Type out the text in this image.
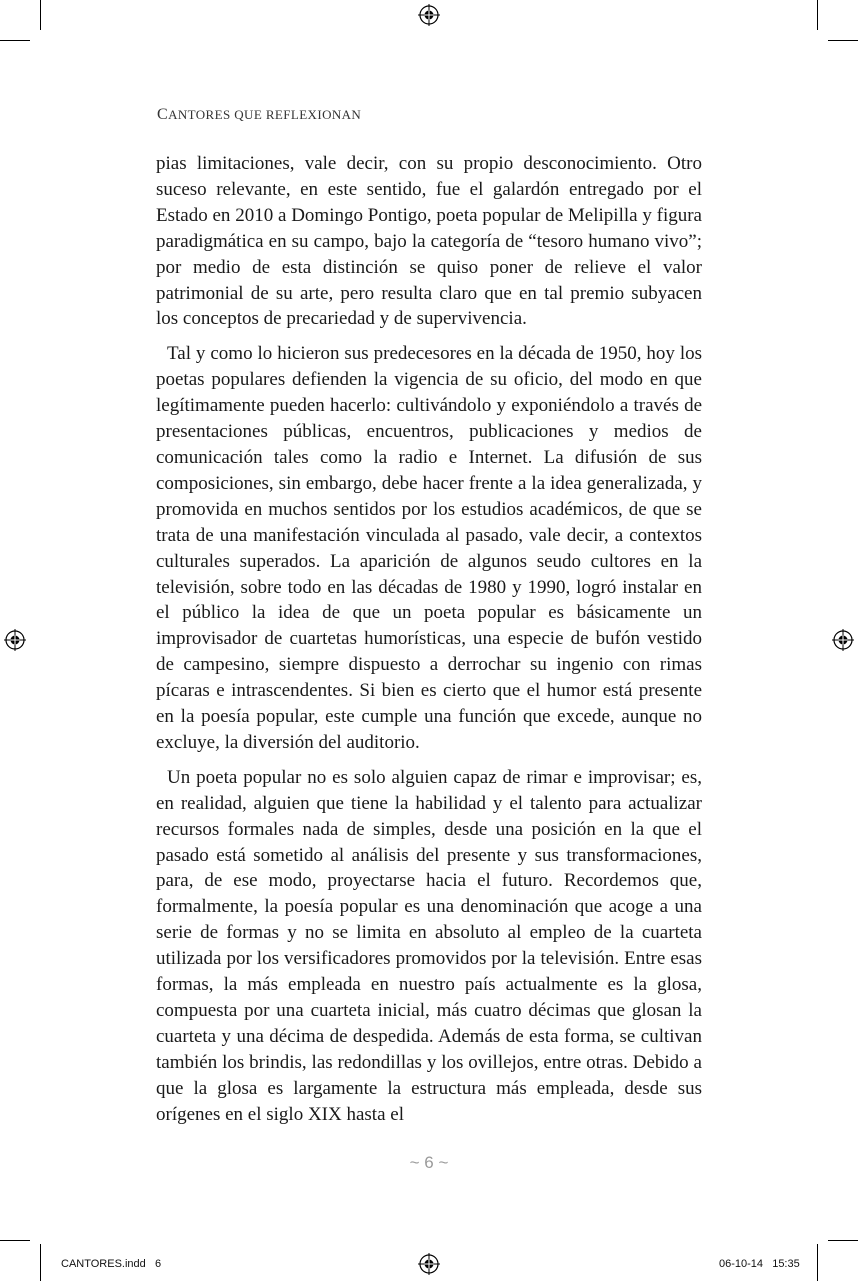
CANTORES QUE REFLEXIONAN

pias limitaciones, vale decir, con su propio desconocimiento. Otro suceso relevante, en este sentido, fue el galardón entregado por el Estado en 2010 a Domingo Pontigo, poeta popular de Melipilla y figura paradigmática en su campo, bajo la categoría de “tesoro humano vivo”; por medio de esta distinción se quiso poner de relieve el valor patrimonial de su arte, pero resulta claro que en tal premio subyacen los conceptos de precariedad y de supervivencia.

Tal y como lo hicieron sus predecesores en la década de 1950, hoy los poetas populares defienden la vigencia de su oficio, del modo en que legítimamente pueden hacerlo: cultivándolo y exponiéndolo a través de presentaciones públicas, encuentros, publicaciones y medios de comunicación tales como la radio e Internet. La difusión de sus composiciones, sin embargo, debe hacer frente a la idea generalizada, y promovida en muchos sentidos por los estudios académicos, de que se trata de una manifestación vinculada al pasado, vale decir, a contextos culturales superados. La aparición de algunos seudo cultores en la televisión, sobre todo en las décadas de 1980 y 1990, logró instalar en el público la idea de que un poeta popular es básicamente un improvisador de cuartetas humorísticas, una especie de bufón vestido de campesino, siempre dispuesto a derrochar su ingenio con rimas pícaras e intrascendentes. Si bien es cierto que el humor está presente en la poesía popular, este cumple una función que excede, aunque no excluye, la diversión del auditorio.

Un poeta popular no es solo alguien capaz de rimar e improvisar; es, en realidad, alguien que tiene la habilidad y el talento para actualizar recursos formales nada de simples, desde una posición en la que el pasado está sometido al análisis del presente y sus transformaciones, para, de ese modo, proyectarse hacia el futuro. Recordemos que, formalmente, la poesía popular es una denominación que acoge a una serie de formas y no se limita en absoluto al empleo de la cuarteta utilizada por los versificadores promovidos por la televisión. Entre esas formas, la más empleada en nuestro país actualmente es la glosa, compuesta por una cuarteta inicial, más cuatro décimas que glosan la cuarteta y una décima de despedida. Además de esta forma, se cultivan también los brindis, las redondillas y los ovillejos, entre otras. Debido a que la glosa es largamente la estructura más empleada, desde sus orígenes en el siglo XIX hasta el

~ 6 ~
CANTORES.indd   6	06-10-14   15:35
